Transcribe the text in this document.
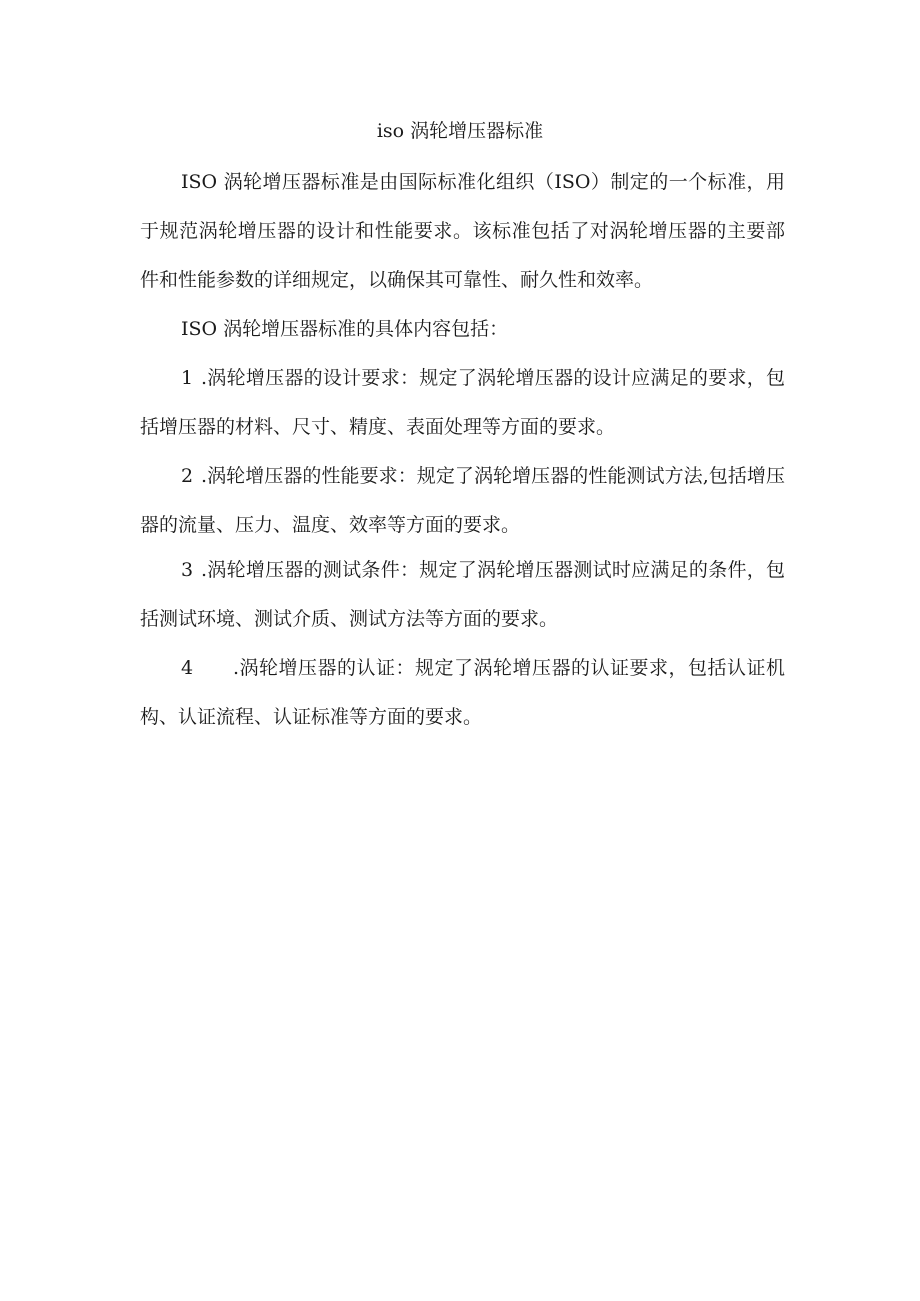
iso 涡轮增压器标准

ISO 涡轮增压器标准是由国际标准化组织（ISO）制定的一个标准，用于规范涡轮增压器的设计和性能要求。该标准包括了对涡轮增压器的主要部件和性能参数的详细规定，以确保其可靠性、耐久性和效率。

ISO 涡轮增压器标准的具体内容包括：

1 .涡轮增压器的设计要求：规定了涡轮增压器的设计应满足的要求，包括增压器的材料、尺寸、精度、表面处理等方面的要求。

2 .涡轮增压器的性能要求：规定了涡轮增压器的性能测试方法,包括增压器的流量、压力、温度、效率等方面的要求。

3 .涡轮增压器的测试条件：规定了涡轮增压器测试时应满足的条件，包括测试环境、测试介质、测试方法等方面的要求。

4 .涡轮增压器的认证：规定了涡轮增压器的认证要求，包括认证机构、认证流程、认证标准等方面的要求。
